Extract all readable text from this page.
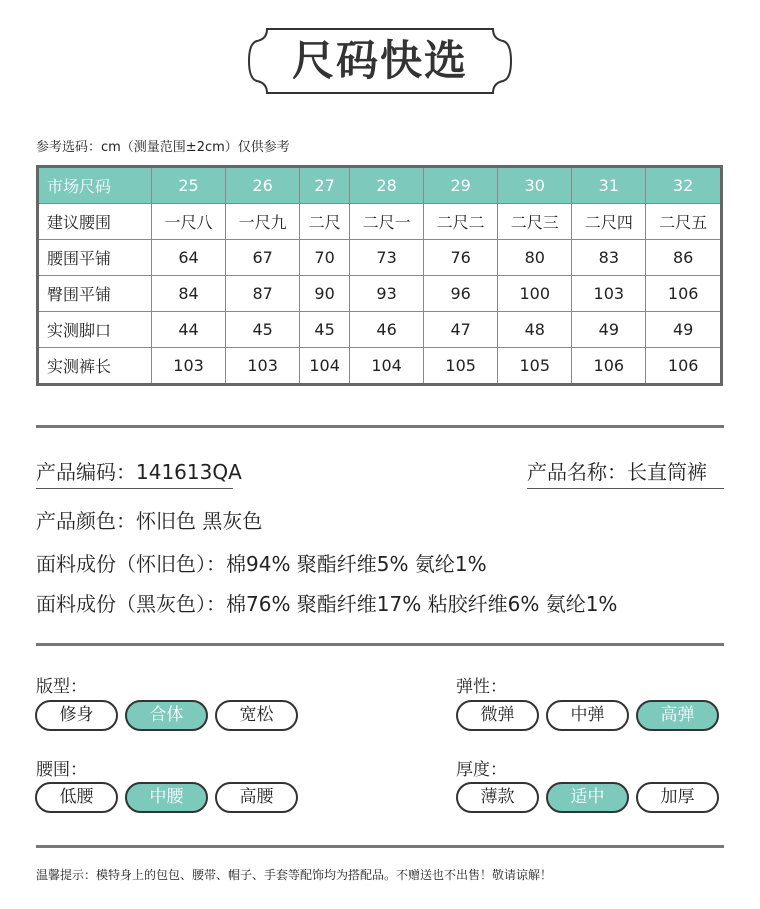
尺码快选
参考选码：cm（测量范围±2cm）仅供参考
市场尺码	25	26	27	28	29	30	31	32
建议腰围	一尺八	一尺九	二尺	二尺一	二尺二	二尺三	二尺四	二尺五
腰围平铺	64	67	70	73	76	80	83	86
臀围平铺	84	87	90	93	96	100	103	106
实测脚口	44	45	45	46	47	48	49	49
实测裤长	103	103	104	104	105	105	106	106
产品编码：141613QA	产品名称：长直筒裤
产品颜色：怀旧色 黑灰色
面料成份（怀旧色）：棉94% 聚酯纤维5% 氨纶1%
面料成份（黑灰色）：棉76% 聚酯纤维17% 粘胶纤维6% 氨纶1%
版型：
修身	合体	宽松
弹性：
微弹	中弹	高弹
腰围：
低腰	中腰	高腰
厚度：
薄款	适中	加厚
温馨提示：模特身上的包包、腰带、帽子、手套等配饰均为搭配品。不赠送也不出售！敬请谅解！
